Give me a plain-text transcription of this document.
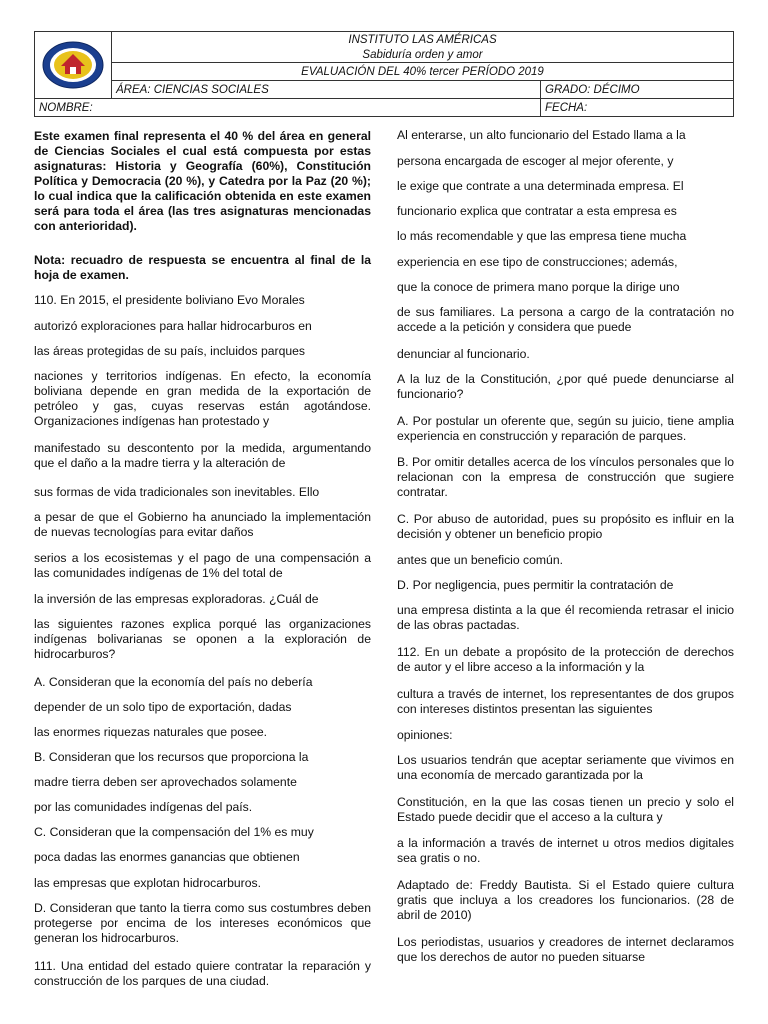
INSTITUTO LAS AMÉRICAS
Sabiduría orden y amor	

	EVALUACIÓN DEL 40% tercer PERÍODO 2019	
	ÁREA: CIENCIAS SOCIALES	GRADO: DÉCIMO
NOMBRE:		FECHA:

Este examen final representa el 40 % del área en general de Ciencias Sociales el cual está compuesta por estas asignaturas: Historia y Geografía (60%), Constitución Política y Democracia (20 %), y Catedra por la Paz (20 %); lo cual indica que la calificación obtenida en este examen será para toda el área (las tres asignaturas mencionadas con anterioridad).

Nota: recuadro de respuesta se encuentra al final de la hoja de examen.

110. En 2015, el presidente boliviano Evo Morales

autorizó exploraciones para hallar hidrocarburos en

las áreas protegidas de su país, incluidos parques

naciones y territorios indígenas. En efecto, la economía boliviana depende en gran medida de la exportación de petróleo y gas, cuyas reservas están agotándose. Organizaciones indígenas han protestado y

manifestado su descontento por la medida, argumentando que el daño a la madre tierra y la alteración de

sus formas de vida tradicionales son inevitables. Ello

a pesar de que el Gobierno ha anunciado la implementación de nuevas tecnologías para evitar daños

serios a los ecosistemas y el pago de una compensación a las comunidades indígenas de 1% del total de

la inversión de las empresas exploradoras. ¿Cuál de

las siguientes razones explica porqué las organizaciones indígenas bolivarianas se oponen a la exploración de hidrocarburos?

A. Consideran que la economía del país no debería

depender de un solo tipo de exportación, dadas

las enormes riquezas naturales que posee.

B. Consideran que los recursos que proporciona la

madre tierra deben ser aprovechados solamente

por las comunidades indígenas del país.

C. Consideran que la compensación del 1% es muy

poca dadas las enormes ganancias que obtienen

las empresas que explotan hidrocarburos.

D. Consideran que tanto la tierra como sus costumbres deben protegerse por encima de los intereses económicos que generan los hidrocarburos.

111. Una entidad del estado quiere contratar la reparación y construcción de los parques de una ciudad.

Al enterarse, un alto funcionario del Estado llama a la

persona encargada de escoger al mejor oferente, y

le exige que contrate a una determinada empresa. El

funcionario explica que contratar a esta empresa es

lo más recomendable y que las empresa tiene mucha

experiencia en ese tipo de construcciones; además,

que la conoce de primera mano porque la dirige uno

de sus familiares. La persona a cargo de la contratación no accede a la petición y considera que puede

denunciar al funcionario.

A la luz de la Constitución, ¿por qué puede denunciarse al funcionario?

A. Por postular un oferente que, según su juicio, tiene amplia experiencia en construcción y reparación de parques.

B. Por omitir detalles acerca de los vínculos personales que lo relacionan con la empresa de construcción que sugiere contratar.

C. Por abuso de autoridad, pues su propósito es influir en la decisión y obtener un beneficio propio

antes que un beneficio común.

D. Por negligencia, pues permitir la contratación de

una empresa distinta a la que él recomienda retrasar el inicio de las obras pactadas.

112. En un debate a propósito de la protección de derechos de autor y el libre acceso a la información y la

cultura a través de internet, los representantes de dos grupos con intereses distintos presentan las siguientes

opiniones:

Los usuarios tendrán que aceptar seriamente que vivimos en una economía de mercado garantizada por la

Constitución, en la que las cosas tienen un precio y solo el Estado puede decidir que el acceso a la cultura y

a la información a través de internet u otros medios digitales sea gratis o no.

Adaptado de: Freddy Bautista. Si el Estado quiere cultura gratis que incluya a los creadores los funcionarios. (28 de abril de 2010)

Los periodistas, usuarios y creadores de internet declaramos que los derechos de autor no pueden situarse
